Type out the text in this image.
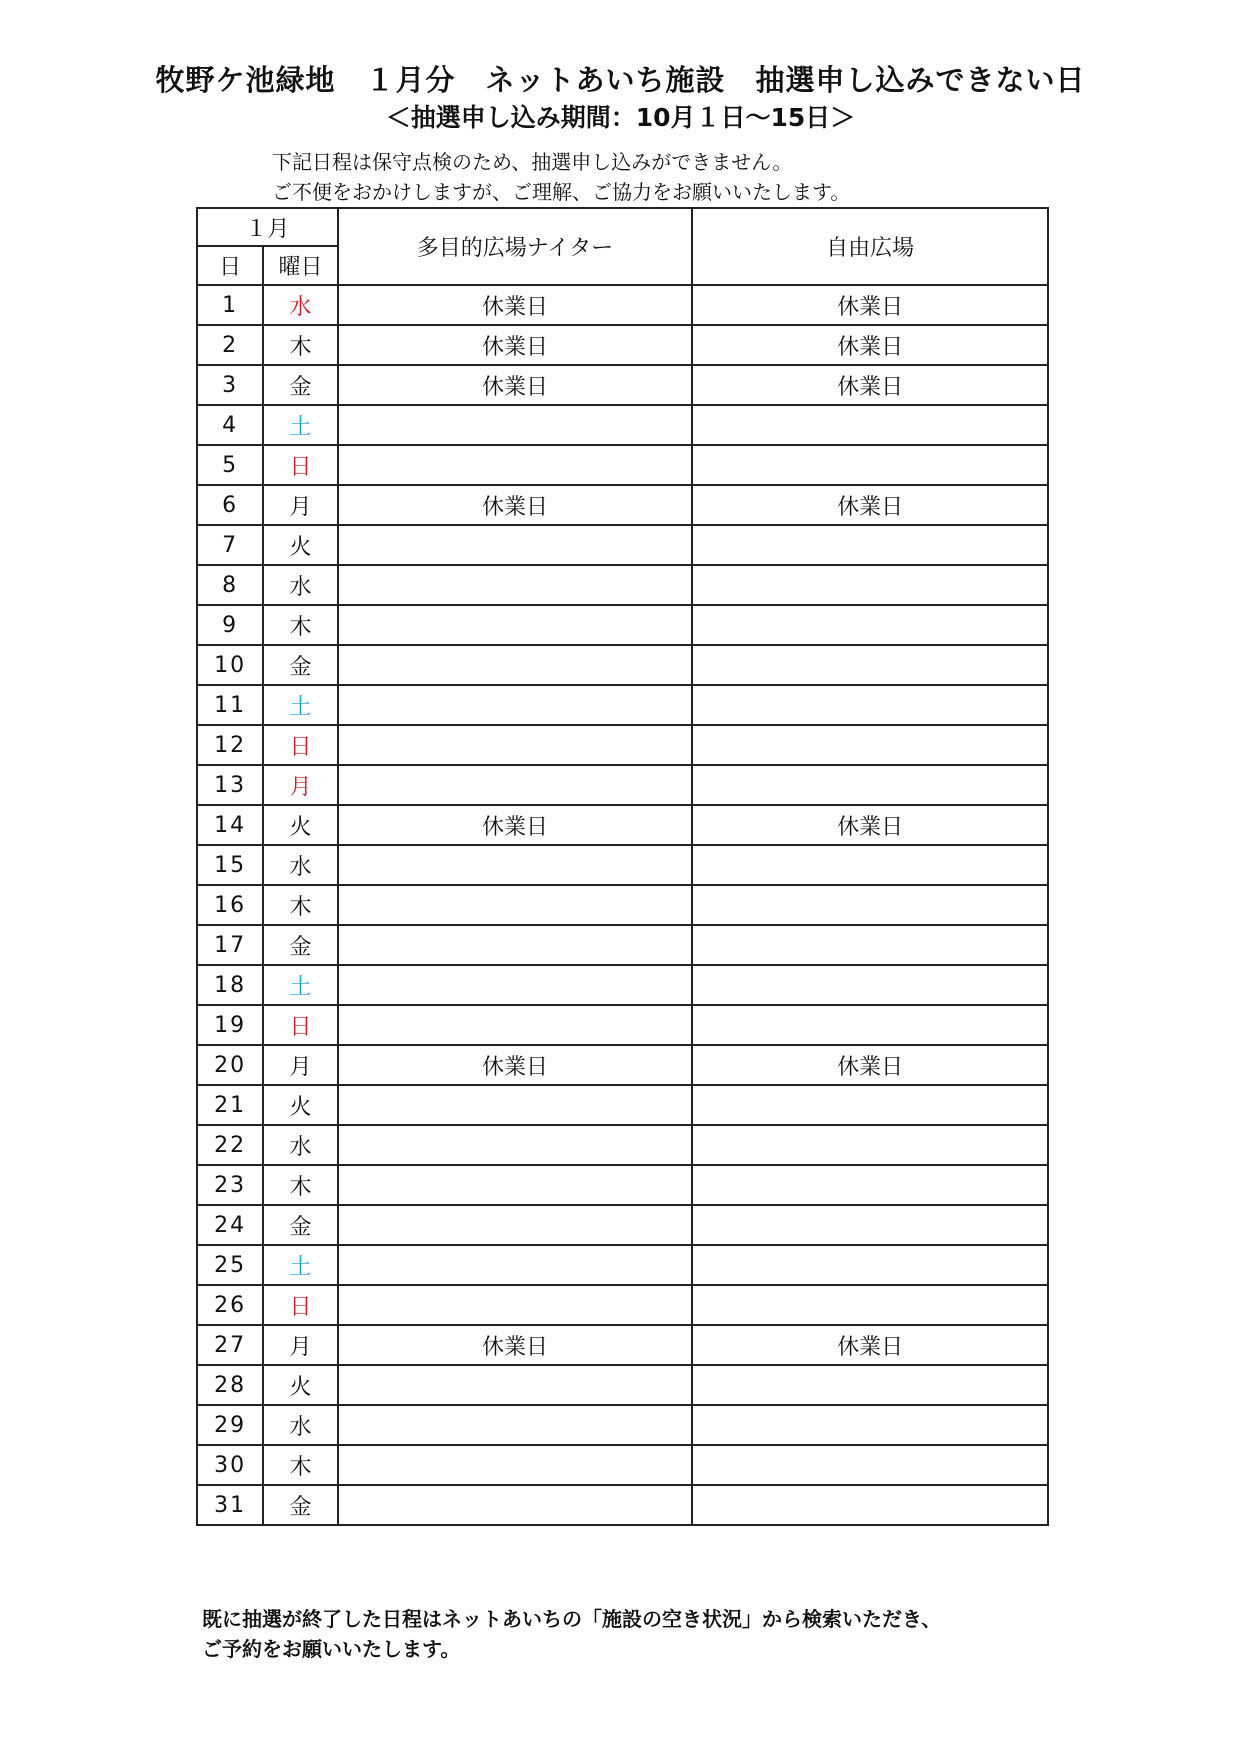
牧野ケ池緑地　１月分　ネットあいち施設　抽選申し込みできない日
＜抽選申し込み期間：10月１日～15日＞
下記日程は保守点検のため、抽選申し込みができません。
ご不便をおかけしますが、ご理解、ご協力をお願いいたします。
１月		多目的広場ナイター	自由広場
日	曜日		
1	水	休業日	休業日
2	木	休業日	休業日
3	金	休業日	休業日
4	土		
5	日		
6	月	休業日	休業日
7	火		
8	水		
9	木		
10	金		
11	土		
12	日		
13	月		
14	火	休業日	休業日
15	水		
16	木		
17	金		
18	土		
19	日		
20	月	休業日	休業日
21	火		
22	水		
23	木		
24	金		
25	土		
26	日		
27	月	休業日	休業日
28	火		
29	水		
30	木		
31	金		
既に抽選が終了した日程はネットあいちの「施設の空き状況」から検索いただき、
ご予約をお願いいたします。
